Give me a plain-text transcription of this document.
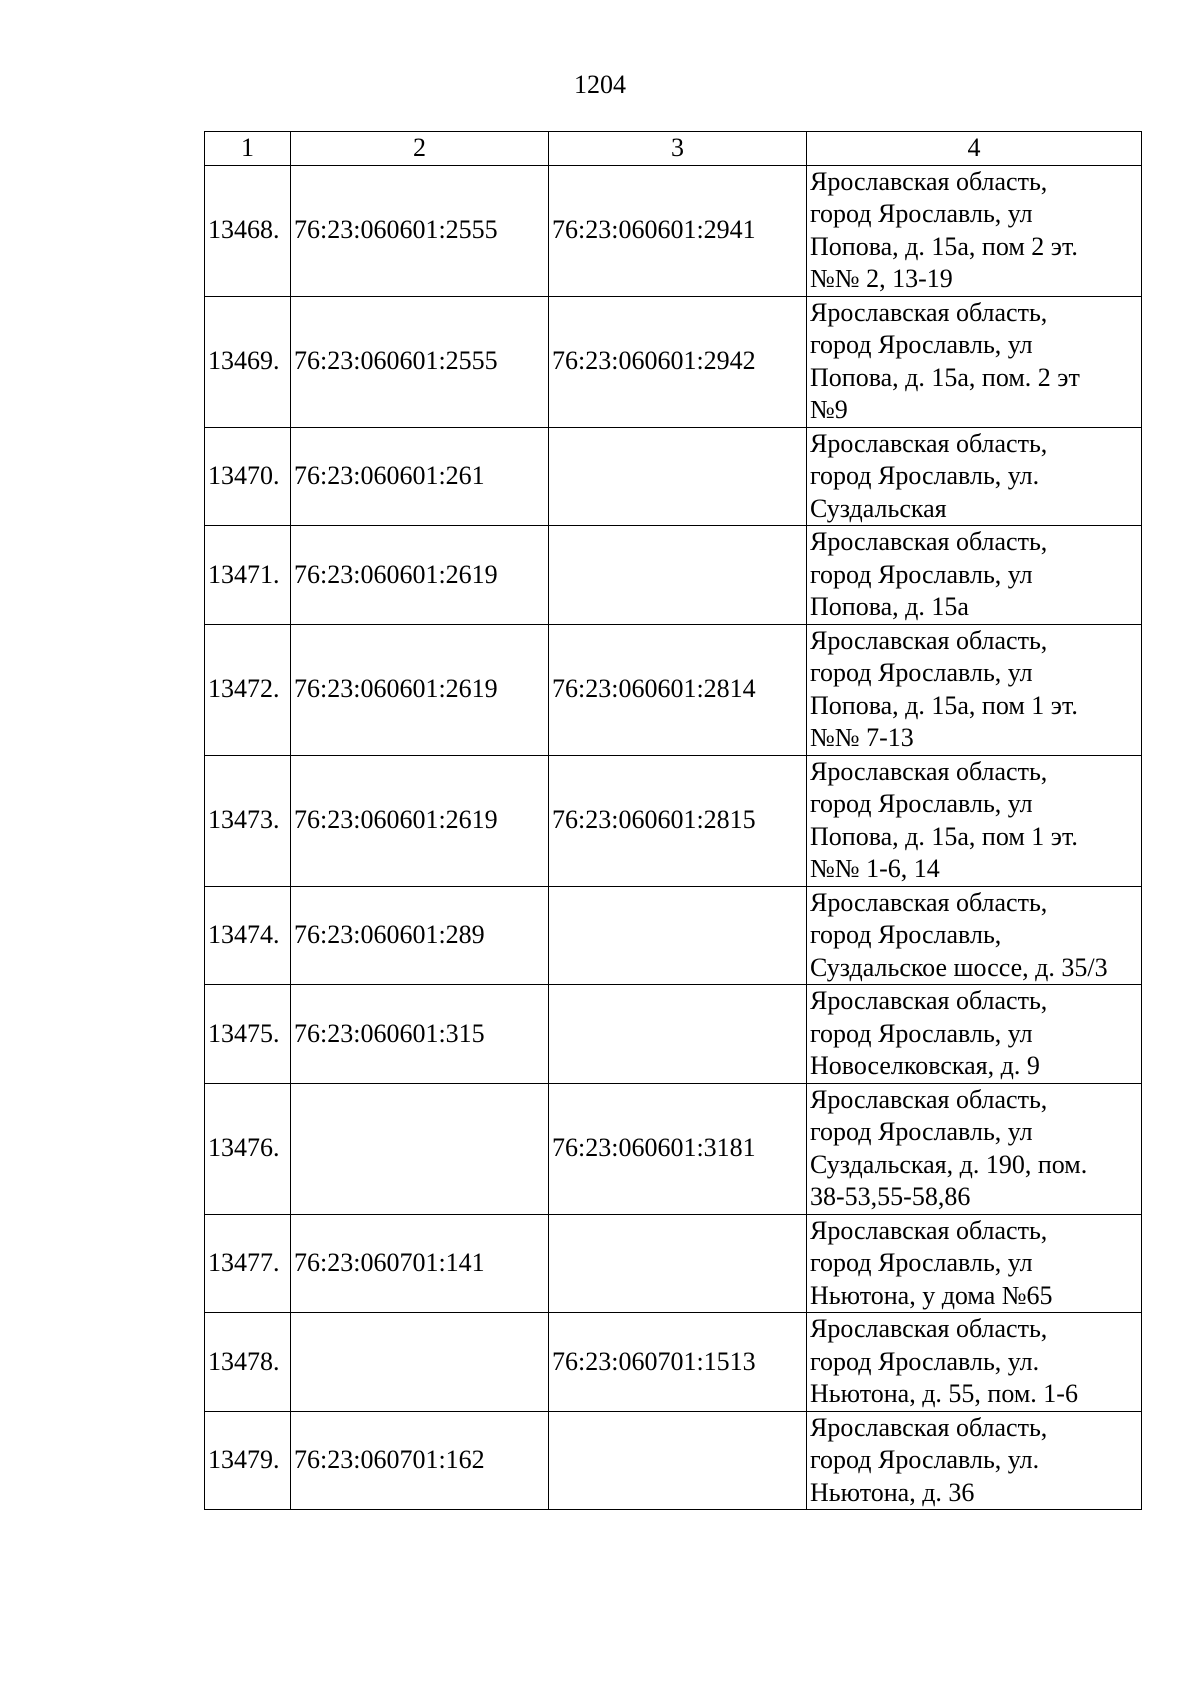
1204
1	2	3	4
13468.	76:23:060601:2555	76:23:060601:2941	Ярославская область,
город Ярославль, ул
Попова, д. 15а, пом 2 эт.
№№ 2, 13-19
13469.	76:23:060601:2555	76:23:060601:2942	Ярославская область,
город Ярославль, ул
Попова, д. 15а, пом. 2 эт
№9
13470.	76:23:060601:261		Ярославская область,
город Ярославль, ул.
Суздальская
13471.	76:23:060601:2619		Ярославская область,
город Ярославль, ул
Попова, д. 15а
13472.	76:23:060601:2619	76:23:060601:2814	Ярославская область,
город Ярославль, ул
Попова, д. 15а, пом 1 эт.
№№ 7-13
13473.	76:23:060601:2619	76:23:060601:2815	Ярославская область,
город Ярославль, ул
Попова, д. 15а, пом 1 эт.
№№ 1-6, 14
13474.	76:23:060601:289		Ярославская область,
город Ярославль,
Суздальское шоссе, д. 35/3
13475.	76:23:060601:315		Ярославская область,
город Ярославль, ул
Новоселковская, д. 9
13476.		76:23:060601:3181	Ярославская область,
город Ярославль, ул
Суздальская, д. 190, пом.
38-53,55-58,86
13477.	76:23:060701:141		Ярославская область,
город Ярославль, ул
Ньютона, у дома №65
13478.		76:23:060701:1513	Ярославская область,
город Ярославль, ул.
Ньютона, д. 55, пом. 1-6
13479.	76:23:060701:162		Ярославская область,
город Ярославль, ул.
Ньютона, д. 36
